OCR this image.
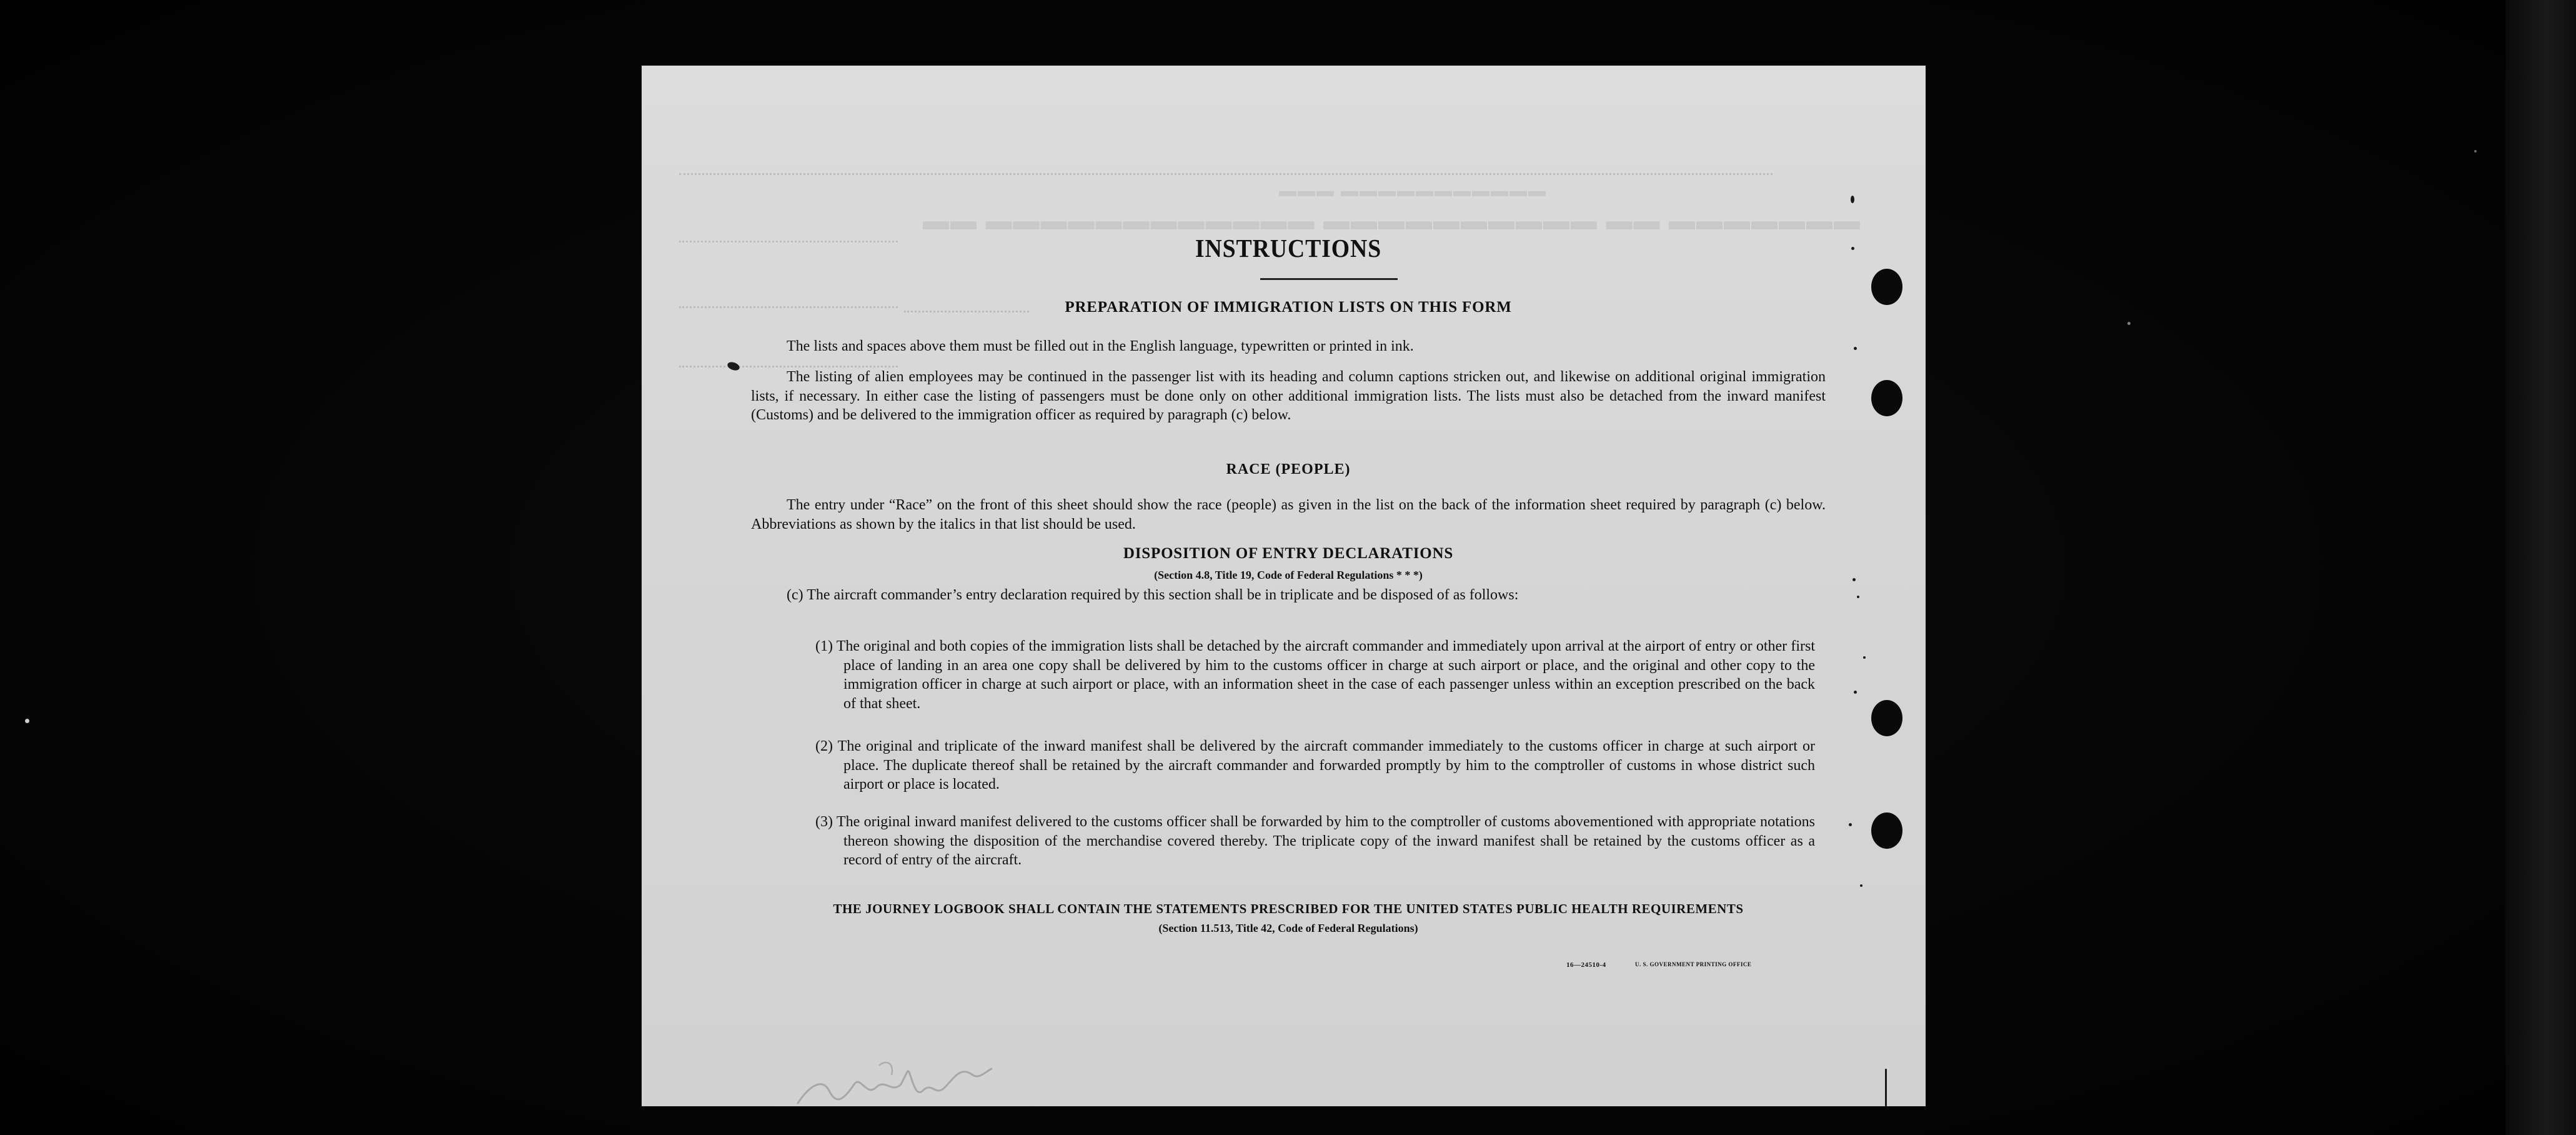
▬▬ ▬▬▬▬▬▬▬▬▬▬▬▬ ▬▬▬▬▬▬▬▬▬▬ ▬▬ ▬▬▬▬▬▬▬
▬▬▬ ▬▬▬▬▬▬▬▬▬▬▬
INSTRUCTIONS
PREPARATION OF IMMIGRATION LISTS ON THIS FORM

The lists and spaces above them must be filled out in the English language, typewritten or printed in ink.

The listing of alien employees may be continued in the passenger list with its heading and column captions stricken out, and likewise on additional original immigration lists, if necessary. In either case the listing of passengers must be done only on other additional immigration lists. The lists must also be detached from the inward manifest (Customs) and be delivered to the immigration officer as required by paragraph (c) below.

RACE (PEOPLE)

The entry under “Race” on the front of this sheet should show the race (people) as given in the list on the back of the information sheet required by paragraph (c) below. Abbreviations as shown by the italics in that list should be used.

DISPOSITION OF ENTRY DECLARATIONS
(Section 4.8, Title 19, Code of Federal Regulations * * *)

(c) The aircraft commander’s entry declaration required by this section shall be in triplicate and be disposed of as follows:

(1) The original and both copies of the immigration lists shall be detached by the aircraft commander and immediately upon arrival at the airport of entry or other first place of landing in an area one copy shall be delivered by him to the customs officer in charge at such airport or place, and the original and other copy to the immigration officer in charge at such airport or place, with an information sheet in the case of each passenger unless within an exception prescribed on the back of that sheet.

(2) The original and triplicate of the inward manifest shall be delivered by the aircraft commander immediately to the customs officer in charge at such airport or place. The duplicate thereof shall be retained by the aircraft commander and forwarded promptly by him to the comptroller of customs in whose district such airport or place is located.

(3) The original inward manifest delivered to the customs officer shall be forwarded by him to the comptroller of customs abovementioned with appropriate notations thereon showing the disposition of the merchandise covered thereby. The triplicate copy of the inward manifest shall be retained by the customs officer as a record of entry of the aircraft.

THE JOURNEY LOGBOOK SHALL CONTAIN THE STATEMENTS PRESCRIBED FOR THE UNITED STATES PUBLIC HEALTH REQUIREMENTS
(Section 11.513, Title 42, Code of Federal Regulations)
16—24510-4	U. S. GOVERNMENT PRINTING OFFICE
